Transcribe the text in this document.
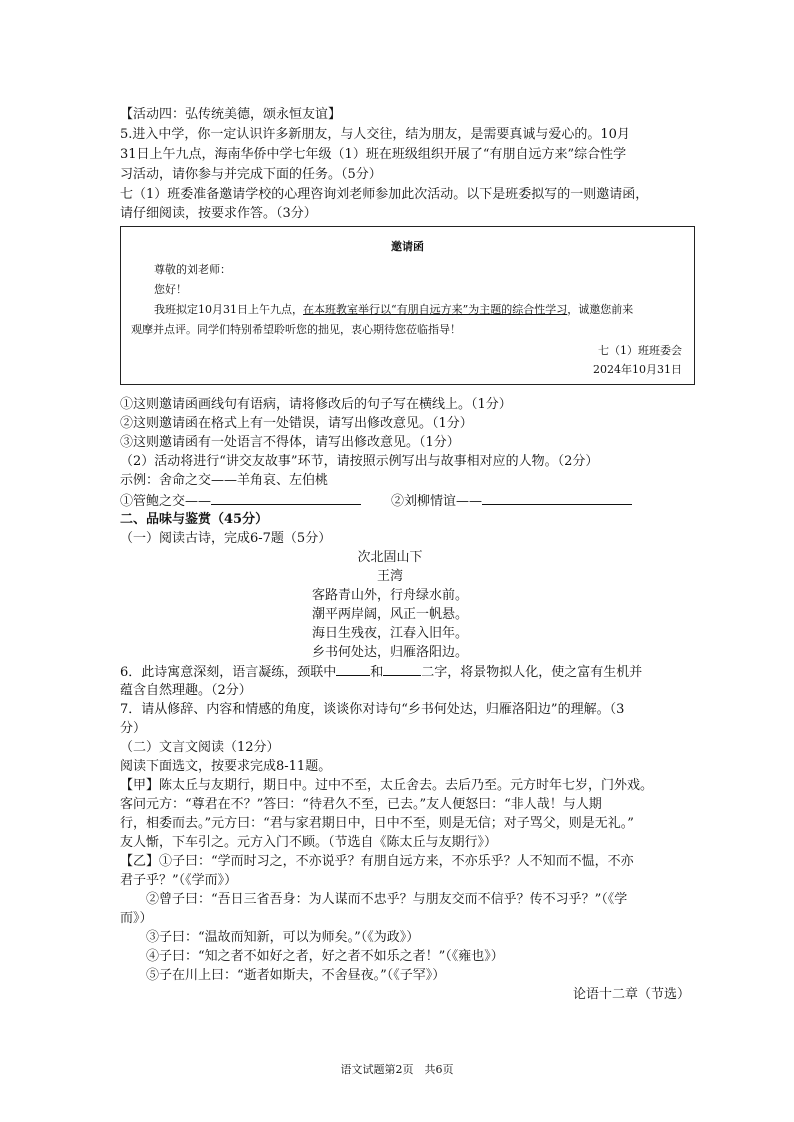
【活动四：弘传统美德，颂永恒友谊】
5.进入中学，你一定认识许多新朋友，与人交往，结为朋友，是需要真诚与爱心的。10月
31日上午九点，海南华侨中学七年级（1）班在班级组织开展了“有朋自远方来”综合性学
习活动，请你参与并完成下面的任务。（5分）
七（1）班委准备邀请学校的心理咨询刘老师参加此次活动。以下是班委拟写的一则邀请函，
请仔细阅读，按要求作答。（3分）
邀请函
尊敬的刘老师：
您好！
我班拟定10月31日上午九点，在本班教室举行以“有朋自远方来”为主题的综合性学习，诚邀您前来
观摩并点评。同学们特别希望聆听您的拙见，衷心期待您莅临指导！
七（1）班班委会
2024年10月31日
①这则邀请函画线句有语病，请将修改后的句子写在横线上。（1分）
②这则邀请函在格式上有一处错误，请写出修改意见。（1分）
③这则邀请函有一处语言不得体，请写出修改意见。（1分）
（2）活动将进行“讲交友故事”环节，请按照示例写出与故事相对应的人物。（2分）
示例：舍命之交——羊角哀、左伯桃
①管鲍之交——	②刘柳情谊——
二、品味与鉴赏（45分）
（一）阅读古诗，完成6-7题（5分）
次北固山下
王湾
客路青山外，行舟绿水前。
潮平两岸阔，风正一帆悬。
海日生残夜，江春入旧年。
乡书何处达，归雁洛阳边。
6．此诗寓意深刻，语言凝练，颈联中	和	二字，将景物拟人化，使之富有生机并
蕴含自然理趣。（2分）
7．请从修辞、内容和情感的角度，谈谈你对诗句“乡书何处达，归雁洛阳边”的理解。（3
分）
（二）文言文阅读（12分）
阅读下面选文，按要求完成8-11题。
【甲】陈太丘与友期行，期日中。过中不至，太丘舍去。去后乃至。元方时年七岁，门外戏。
客问元方：“尊君在不？”答曰：“待君久不至，已去。”友人便怒曰：“非人哉！与人期
行，相委而去。”元方曰：“君与家君期日中，日中不至，则是无信；对子骂父，则是无礼。”
友人惭，下车引之。元方入门不顾。（节选自《陈太丘与友期行》）
【乙】①子曰：“学而时习之，不亦说乎？有朋自远方来，不亦乐乎？人不知而不愠，不亦
君子乎？”（《学而》）
②曾子曰：“吾日三省吾身：为人谋而不忠乎？与朋友交而不信乎？传不习乎？”（《学
而》）
③子曰：“温故而知新，可以为师矣。”（《为政》）
④子曰：“知之者不如好之者，好之者不如乐之者！”（《雍也》）
⑤子在川上曰：“逝者如斯夫，不舍昼夜。”（《子罕》）
论语十二章（节选）
语文试题第2页　共6页
